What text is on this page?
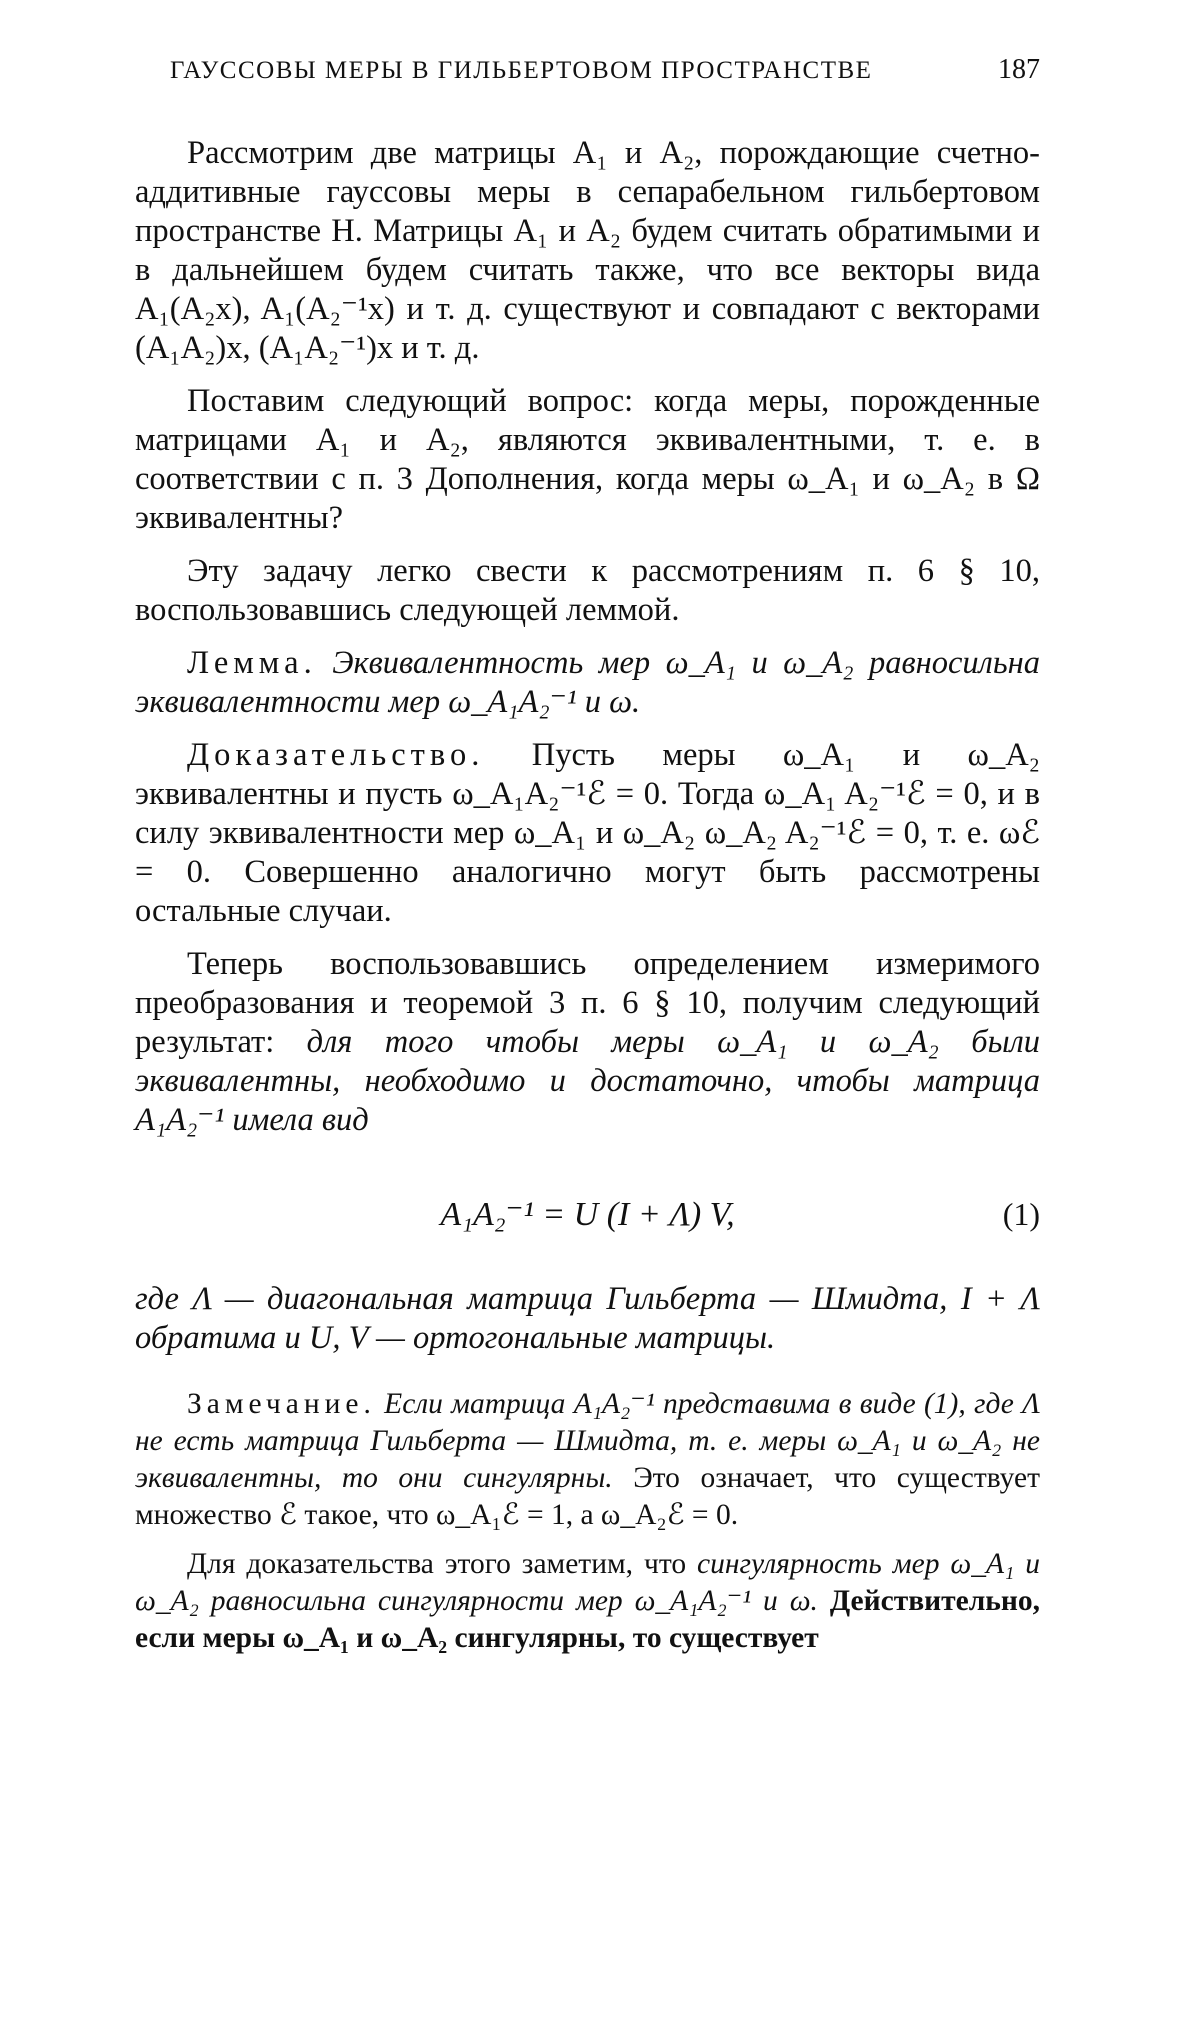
ГАУССОВЫ МЕРЫ В ГИЛЬБЕРТОВОМ ПРОСТРАНСТВЕ	187

Рассмотрим две матрицы A₁ и A₂, порождающие счетно-аддитивные гауссовы меры в сепарабельном гильбертовом пространстве H. Матрицы A₁ и A₂ будем считать обратимыми и в дальнейшем будем считать также, что все векторы вида A₁(A₂x), A₁(A₂⁻¹x) и т. д. существуют и совпадают с векторами (A₁A₂)x, (A₁A₂⁻¹)x и т. д.

Поставим следующий вопрос: когда меры, порожденные матрицами A₁ и A₂, являются эквивалентными, т. е. в соответствии с п. 3 Дополнения, когда меры ω_A₁ и ω_A₂ в Ω эквивалентны?

Эту задачу легко свести к рассмотрениям п. 6 § 10, воспользовавшись следующей леммой.

Лемма. Эквивалентность мер ω_A₁ и ω_A₂ равносильна эквивалентности мер ω_A₁A₂⁻¹ и ω.

Доказательство. Пусть меры ω_A₁ и ω_A₂ эквивалентны и пусть ω_A₁A₂⁻¹ℰ = 0. Тогда ω_A₁ A₂⁻¹ℰ = 0, и в силу эквивалентности мер ω_A₁ и ω_A₂ ω_A₂ A₂⁻¹ℰ = 0, т. е. ωℰ = 0. Совершенно аналогично могут быть рассмотрены остальные случаи.

Теперь воспользовавшись определением измеримого преобразования и теоремой 3 п. 6 § 10, получим следующий результат: для того чтобы меры ω_A₁ и ω_A₂ были эквивалентны, необходимо и достаточно, чтобы матрица A₁A₂⁻¹ имела вид

A₁A₂⁻¹ = U (I + Λ) V,	(1)

где Λ — диагональная матрица Гильберта — Шмидта, I + Λ обратима и U, V — ортогональные матрицы.

Замечание. Если матрица A₁A₂⁻¹ представима в виде (1), где Λ не есть матрица Гильберта — Шмидта, т. е. меры ω_A₁ и ω_A₂ не эквивалентны, то они сингулярны. Это означает, что существует множество ℰ такое, что ω_A₁ℰ = 1, а ω_A₂ℰ = 0.

Для доказательства этого заметим, что сингулярность мер ω_A₁ и ω_A₂ равносильна сингулярности мер ω_A₁A₂⁻¹ и ω. Действительно, если меры ω_A₁ и ω_A₂ сингулярны, то существует
